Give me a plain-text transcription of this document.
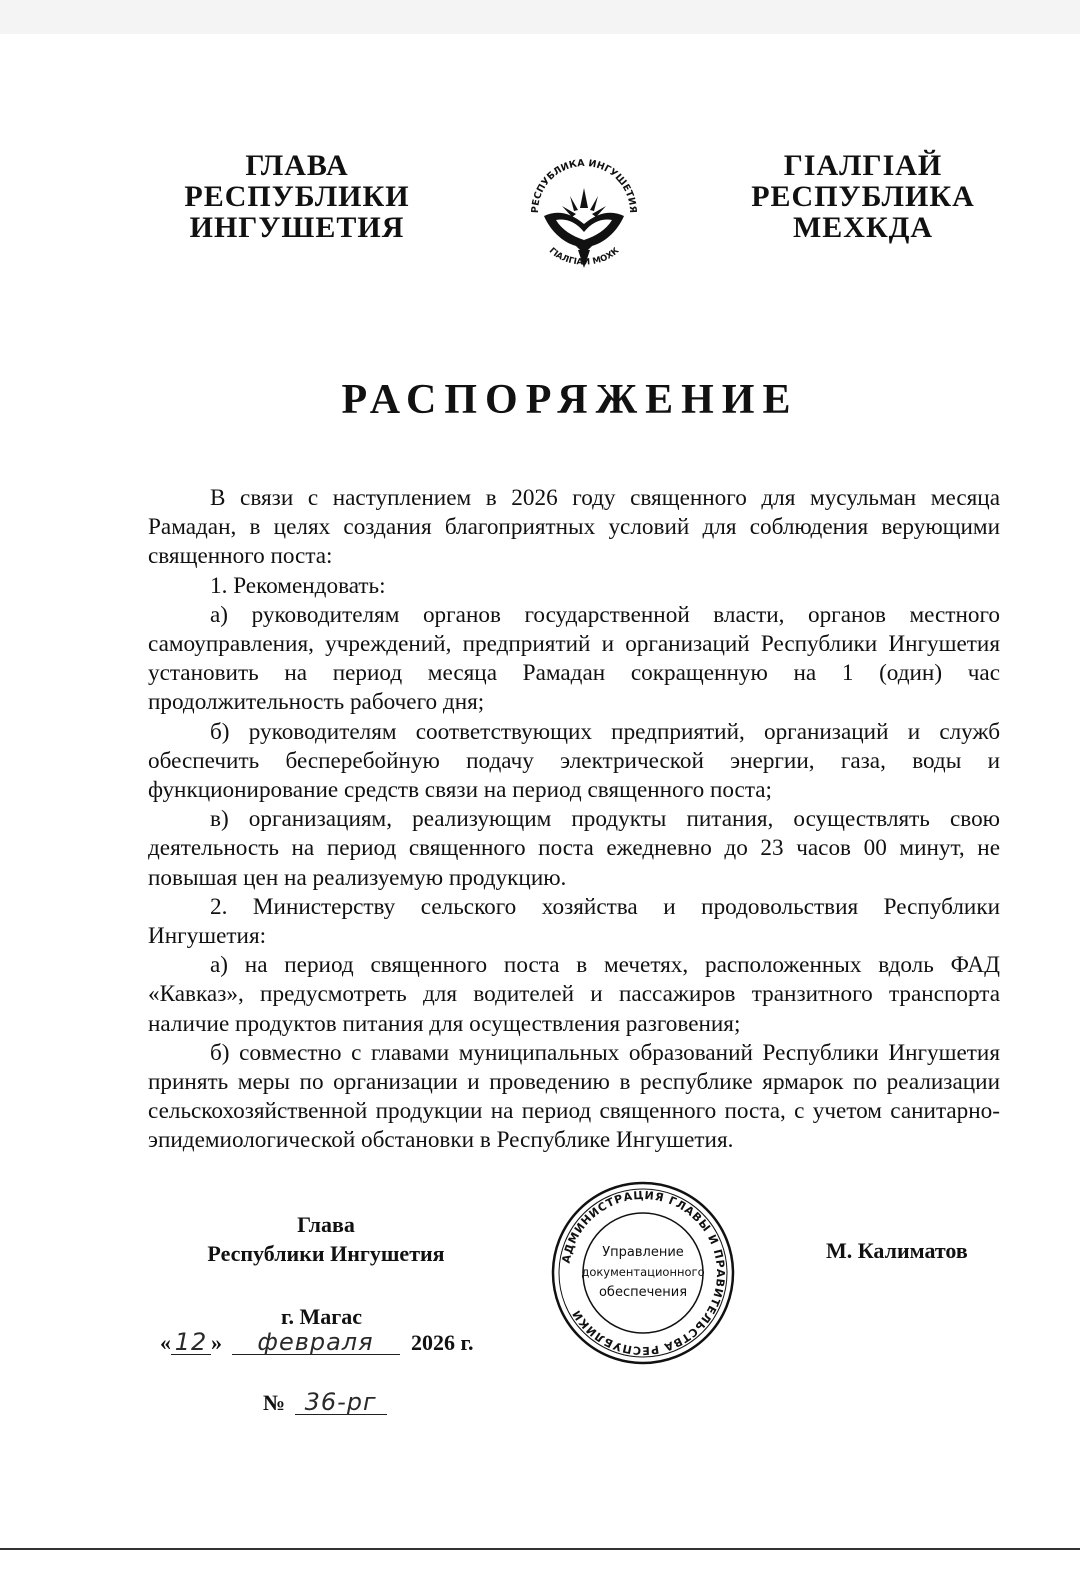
ГЛАВА
РЕСПУБЛИКИ
ИНГУШЕТИЯ
РЕСПУБЛИКА ИНГУШЕТИЯ
ГIАЛГIАЙ МОХК
ГIАЛГIАЙ
РЕСПУБЛИКА
МЕХКДА
РАСПОРЯЖЕНИЕ

В связи с наступлением в 2026 году священного для мусульман месяца Рамадан, в целях создания благоприятных условий для соблюдения верующими священного поста:

1. Рекомендовать:

а) руководителям органов государственной власти, органов местного самоуправления, учреждений, предприятий и организаций Республики Ингушетия установить на период месяца Рамадан сокращенную на 1 (один) час продолжительность рабочего дня;

б) руководителям соответствующих предприятий, организаций и служб обеспечить бесперебойную подачу электрической энергии, газа, воды и функционирование средств связи на период священного поста;

в) организациям, реализующим продукты питания, осуществлять свою деятельность на период священного поста ежедневно до 23 часов 00 минут, не повышая цен на реализуемую продукцию.

2. Министерству сельского хозяйства и продовольствия Республики Ингушетия:

а) на период священного поста в мечетях, расположенных вдоль ФАД «Кавказ», предусмотреть для водителей и пассажиров транзитного транспорта наличие продуктов питания для осуществления разговения;

б) совместно с главами муниципальных образований Республики Ингушетия принять меры по организации и проведению в республике ярмарок по реализации сельскохозяйственной продукции на период священного поста, с учетом санитарно-эпидемиологической обстановки в Республике Ингушетия.

Глава
Республики Ингушетия	АДМИНИСТРАЦИЯ ГЛАВЫ И ПРАВИТЕЛЬСТВА РЕСПУБЛИКИ
Управление
документационного
обеспечения
М. Калиматов
г. Магас
« 12 » февраля 2026 г.
№ 36-рг
